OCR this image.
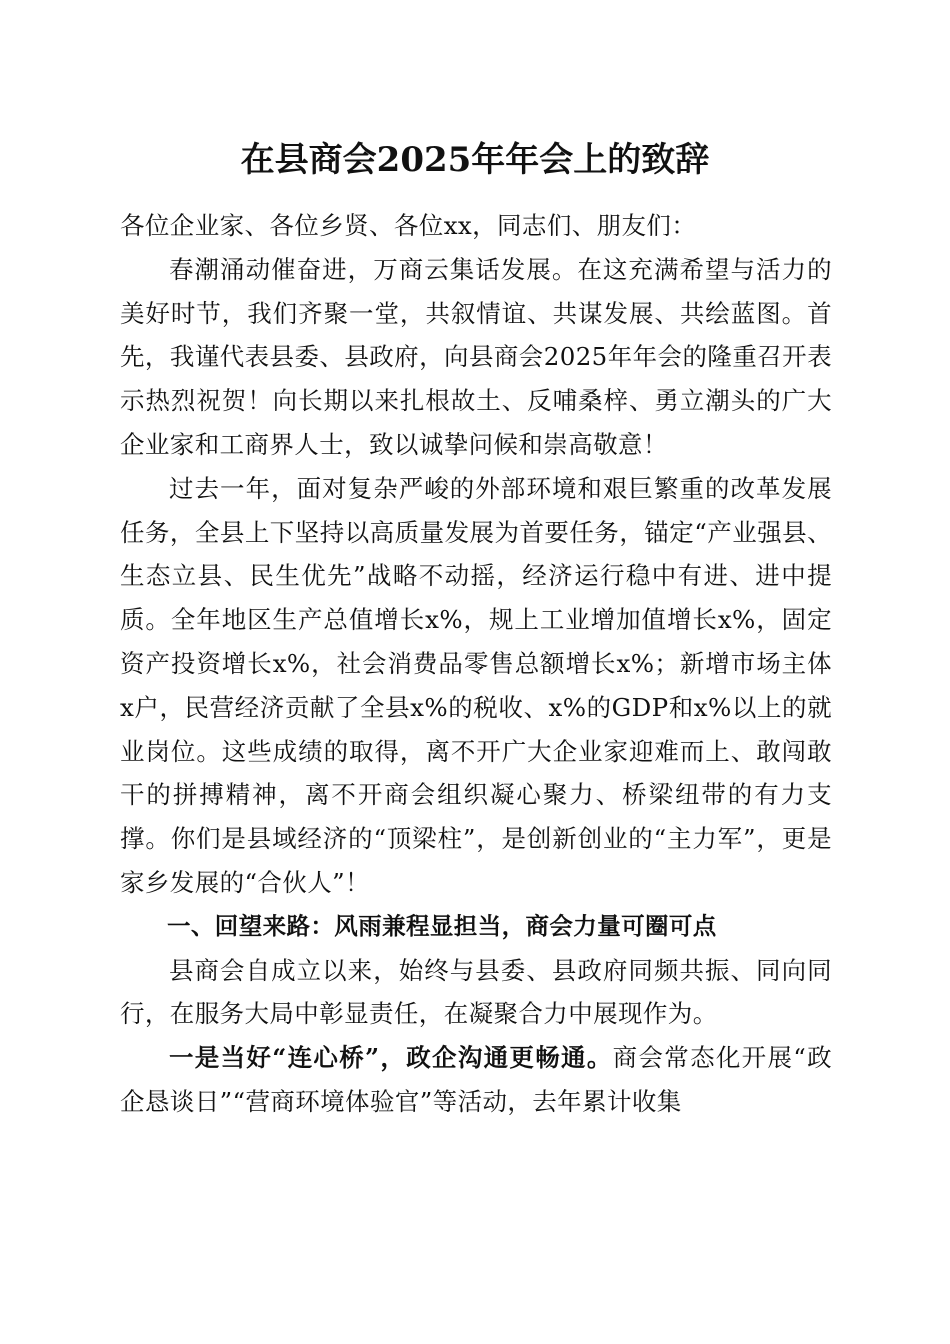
在县商会2025年年会上的致辞

各位企业家、各位乡贤、各位xx，同志们、朋友们：

春潮涌动催奋进，万商云集话发展。在这充满希望与活力的美好时节，我们齐聚一堂，共叙情谊、共谋发展、共绘蓝图。首先，我谨代表县委、县政府，向县商会2025年年会的隆重召开表示热烈祝贺！向长期以来扎根故土、反哺桑梓、勇立潮头的广大企业家和工商界人士，致以诚挚问候和崇高敬意！

过去一年，面对复杂严峻的外部环境和艰巨繁重的改革发展任务，全县上下坚持以高质量发展为首要任务，锚定“产业强县、生态立县、民生优先”战略不动摇，经济运行稳中有进、进中提质。全年地区生产总值增长x%，规上工业增加值增长x%，固定资产投资增长x%，社会消费品零售总额增长x%；新增市场主体x户，民营经济贡献了全县x%的税收、x%的GDP和x%以上的就业岗位。这些成绩的取得，离不开广大企业家迎难而上、敢闯敢干的拼搏精神，离不开商会组织凝心聚力、桥梁纽带的有力支撑。你们是县域经济的“顶梁柱”，是创新创业的“主力军”，更是家乡发展的“合伙人”！

一、回望来路：风雨兼程显担当，商会力量可圈可点

县商会自成立以来，始终与县委、县政府同频共振、同向同行，在服务大局中彰显责任，在凝聚合力中展现作为。

一是当好“连心桥”，政企沟通更畅通。商会常态化开展“政企恳谈日”“营商环境体验官”等活动，去年累计收集
